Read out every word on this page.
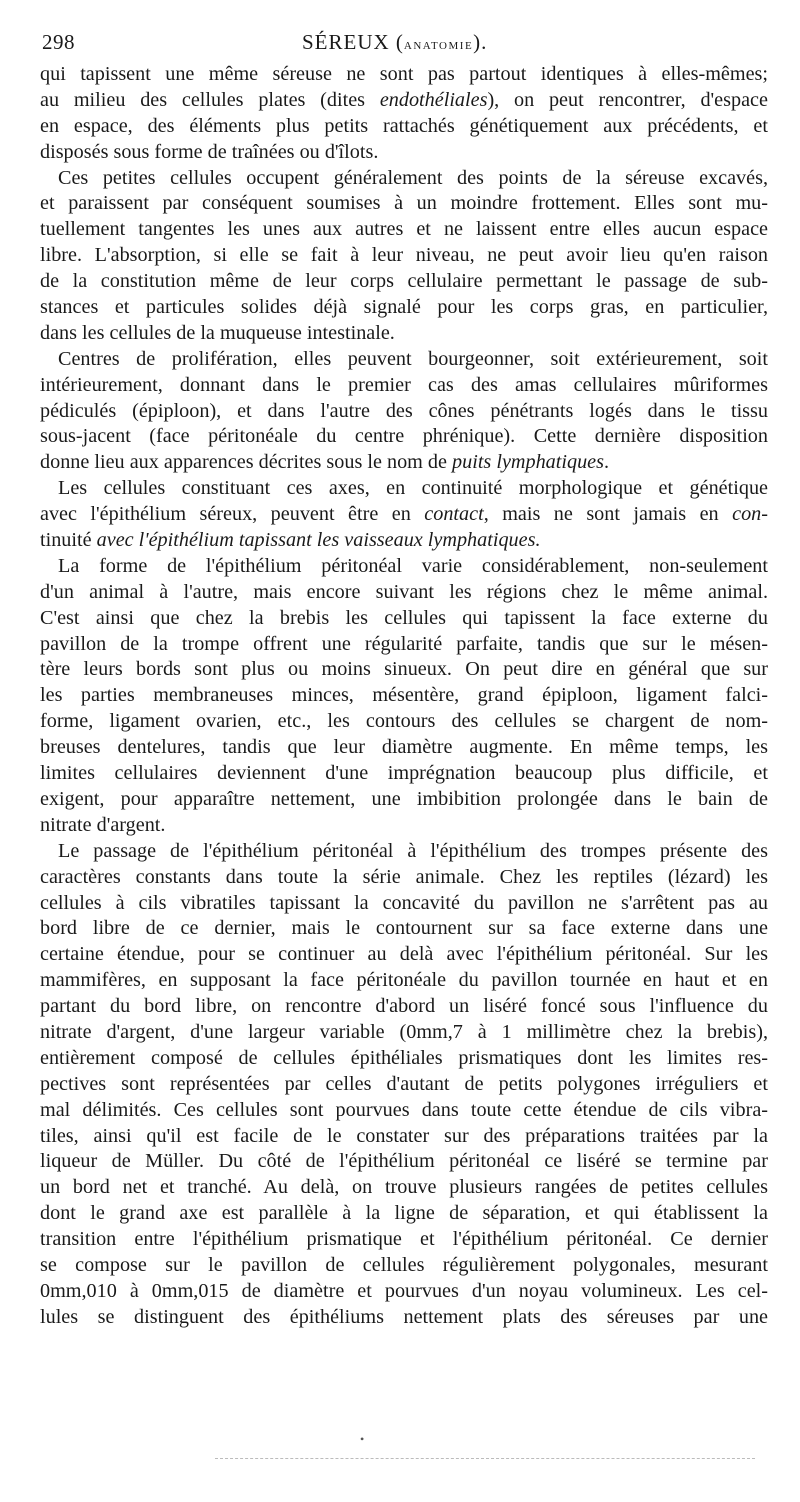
298	SÉREUX (anatomie).
qui tapissent une même séreuse ne sont pas partout identiques à elles-mêmes;
au milieu des cellules plates (dites endothéliales), on peut rencontrer, d'espace
en espace, des éléments plus petits rattachés génétiquement aux précédents, et
disposés sous forme de traînées ou d'îlots.
Ces petites cellules occupent généralement des points de la séreuse excavés,
et paraissent par conséquent soumises à un moindre frottement. Elles sont mu-
tuellement tangentes les unes aux autres et ne laissent entre elles aucun espace
libre. L'absorption, si elle se fait à leur niveau, ne peut avoir lieu qu'en raison
de la constitution même de leur corps cellulaire permettant le passage de sub-
stances et particules solides déjà signalé pour les corps gras, en particulier,
dans les cellules de la muqueuse intestinale.
Centres de prolifération, elles peuvent bourgeonner, soit extérieurement, soit
intérieurement, donnant dans le premier cas des amas cellulaires mûriformes
pédiculés (épiploon), et dans l'autre des cônes pénétrants logés dans le tissu
sous-jacent (face péritonéale du centre phrénique). Cette dernière disposition
donne lieu aux apparences décrites sous le nom de puits lymphatiques.
Les cellules constituant ces axes, en continuité morphologique et génétique
avec l'épithélium séreux, peuvent être en contact, mais ne sont jamais en con-
tinuité avec l'épithélium tapissant les vaisseaux lymphatiques.
La forme de l'épithélium péritonéal varie considérablement, non-seulement
d'un animal à l'autre, mais encore suivant les régions chez le même animal.
C'est ainsi que chez la brebis les cellules qui tapissent la face externe du
pavillon de la trompe offrent une régularité parfaite, tandis que sur le mésen-
tère leurs bords sont plus ou moins sinueux. On peut dire en général que sur
les parties membraneuses minces, mésentère, grand épiploon, ligament falci-
forme, ligament ovarien, etc., les contours des cellules se chargent de nom-
breuses dentelures, tandis que leur diamètre augmente. En même temps, les
limites cellulaires deviennent d'une imprégnation beaucoup plus difficile, et
exigent, pour apparaître nettement, une imbibition prolongée dans le bain de
nitrate d'argent.
Le passage de l'épithélium péritonéal à l'épithélium des trompes présente des
caractères constants dans toute la série animale. Chez les reptiles (lézard) les
cellules à cils vibratiles tapissant la concavité du pavillon ne s'arrêtent pas au
bord libre de ce dernier, mais le contournent sur sa face externe dans une
certaine étendue, pour se continuer au delà avec l'épithélium péritonéal. Sur les
mammifères, en supposant la face péritonéale du pavillon tournée en haut et en
partant du bord libre, on rencontre d'abord un liséré foncé sous l'influence du
nitrate d'argent, d'une largeur variable (0mm,7 à 1 millimètre chez la brebis),
entièrement composé de cellules épithéliales prismatiques dont les limites res-
pectives sont représentées par celles d'autant de petits polygones irréguliers et
mal délimités. Ces cellules sont pourvues dans toute cette étendue de cils vibra-
tiles, ainsi qu'il est facile de le constater sur des préparations traitées par la
liqueur de Müller. Du côté de l'épithélium péritonéal ce liséré se termine par
un bord net et tranché. Au delà, on trouve plusieurs rangées de petites cellules
dont le grand axe est parallèle à la ligne de séparation, et qui établissent la
transition entre l'épithélium prismatique et l'épithélium péritonéal. Ce dernier
se compose sur le pavillon de cellules régulièrement polygonales, mesurant
0mm,010 à 0mm,015 de diamètre et pourvues d'un noyau volumineux. Les cel-
lules se distinguent des épithéliums nettement plats des séreuses par une
•
